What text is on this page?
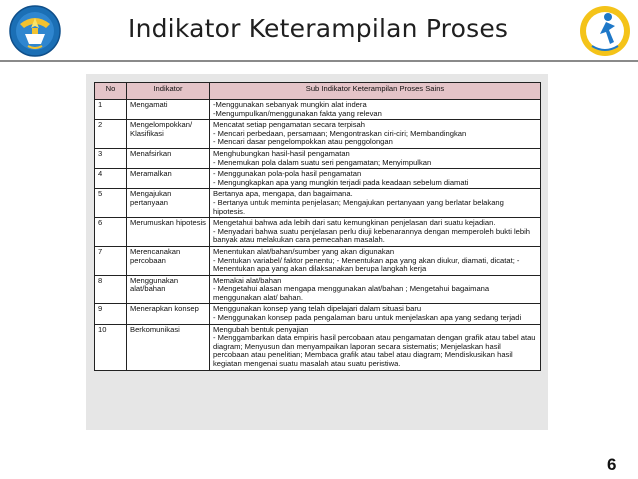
Indikator Keterampilan Proses
No	Indikator	Sub Indikator Keterampilan Proses Sains
1	Mengamati	-Menggunakan sebanyak mungkin alat indera
-Mengumpulkan/menggunakan fakta yang relevan
2	Mengelompokkan/ Klasifikasi	Mencatat setiap pengamatan secara terpisah
- Mencari perbedaan, persamaan; Mengontraskan ciri-ciri; Membandingkan
- Mencari dasar pengelompokkan atau penggolongan
3	Menafsirkan	Menghubungkan hasil-hasil pengamatan
- Menemukan pola dalam suatu seri pengamatan; Menyimpulkan
4	Meramalkan	- Menggunakan pola-pola hasil pengamatan
- Mengungkapkan apa yang mungkin terjadi pada keadaan sebelum diamati
5	Mengajukan pertanyaan	Bertanya apa, mengapa, dan bagaimana.
- Bertanya untuk meminta penjelasan; Mengajukan pertanyaan yang berlatar belakang hipotesis.
6	Merumuskan hipotesis	Mengetahui bahwa ada lebih dari satu kemungkinan penjelasan dari suatu kejadian.
- Menyadari bahwa suatu penjelasan perlu diuji kebenarannya dengan memperoleh bukti lebih banyak atau melakukan cara pemecahan masalah.
7	Merencanakan percobaan	Menentukan alat/bahan/sumber yang akan digunakan
- Mentukan variabel/ faktor penentu; - Menentukan apa yang akan diukur, diamati, dicatat; - Menentukan apa yang akan dilaksanakan berupa langkah kerja
8	Menggunakan alat/bahan	Memakai alat/bahan
- Mengetahui alasan mengapa menggunakan alat/bahan ; Mengetahui bagaimana menggunakan alat/ bahan.
9	Menerapkan konsep	Menggunakan konsep yang telah dipelajari dalam situasi baru
- Menggunakan konsep pada pengalaman baru untuk menjelaskan apa yang sedang terjadi
10	Berkomunikasi	Mengubah bentuk penyajian
- Menggambarkan data empiris hasil percobaan atau pengamatan dengan grafik atau tabel atau diagram; Menyusun dan menyampaikan laporan secara sistematis; Menjelaskan hasil percobaan atau penelitian; Membaca grafik atau tabel atau diagram; Mendiskusikan hasil kegiatan mengenai suatu masalah atau suatu peristiwa.
6
